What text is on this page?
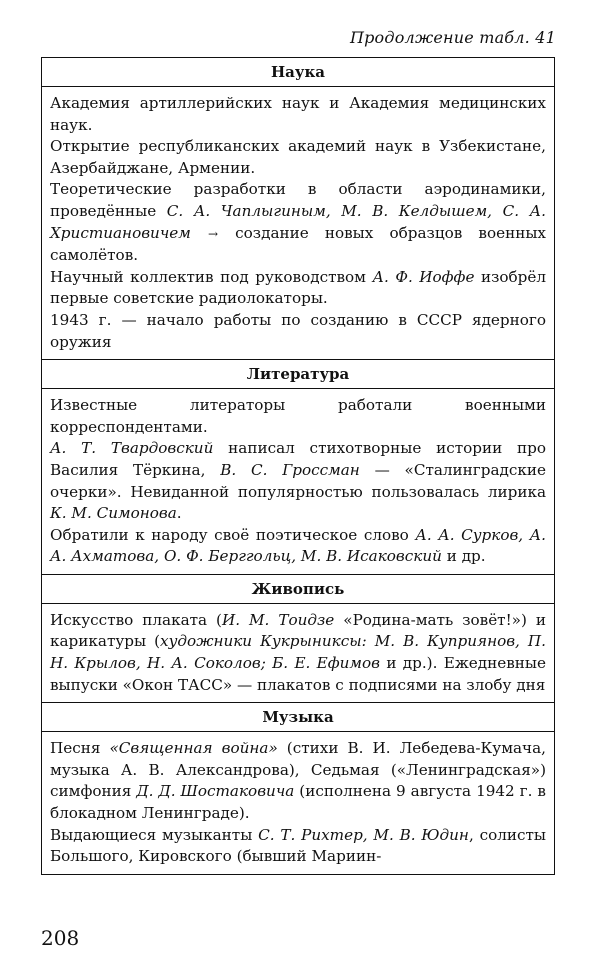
Продолжение табл. 41
Наука

Академия артиллерийских наук и Академия медицинских наук.

Открытие республиканских академий наук в Узбекистане, Азербайджане, Армении.

Теоретические разработки в области аэродинамики, проведённые С. А. Чаплыгиным, М. В. Келдышем, С. А. Христиановичем → создание новых образцов военных самолётов.

Научный коллектив под руководством А. Ф. Иоффе изобрёл первые советские радиолокаторы.

1943 г. — начало работы по созданию в СССР ядерного оружия

Литература

Известные литераторы работали военными корреспондентами.

А. Т. Твардовский написал стихотворные истории про Василия Тёркина, В. С. Гроссман — «Сталинградские очерки». Невиданной популярностью пользовалась лирика К. М. Симонова.

Обратили к народу своё поэтическое слово А. А. Сурков, А. А. Ахматова, О. Ф. Берггольц, М. В. Исаковский и др.

Живопись

Искусство плаката (И. М. Тоидзе «Родина-мать зовёт!») и карикатуры (художники Кукрыниксы: М. В. Куприянов, П. Н. Крылов, Н. А. Соколов; Б. Е. Ефимов и др.). Ежедневные выпуски «Окон ТАСС» — плакатов с подписями на злобу дня

Музыка

Песня «Священная война» (стихи В. И. Лебедева-Кумача, музыка А. В. Александрова), Седьмая («Ленинградская») симфония Д. Д. Шостаковича (исполнена 9 августа 1942 г. в блокадном Ленинграде).

Выдающиеся музыканты С. Т. Рихтер, М. В. Юдин, солисты Большого, Кировского (бывший Мариин-

208
